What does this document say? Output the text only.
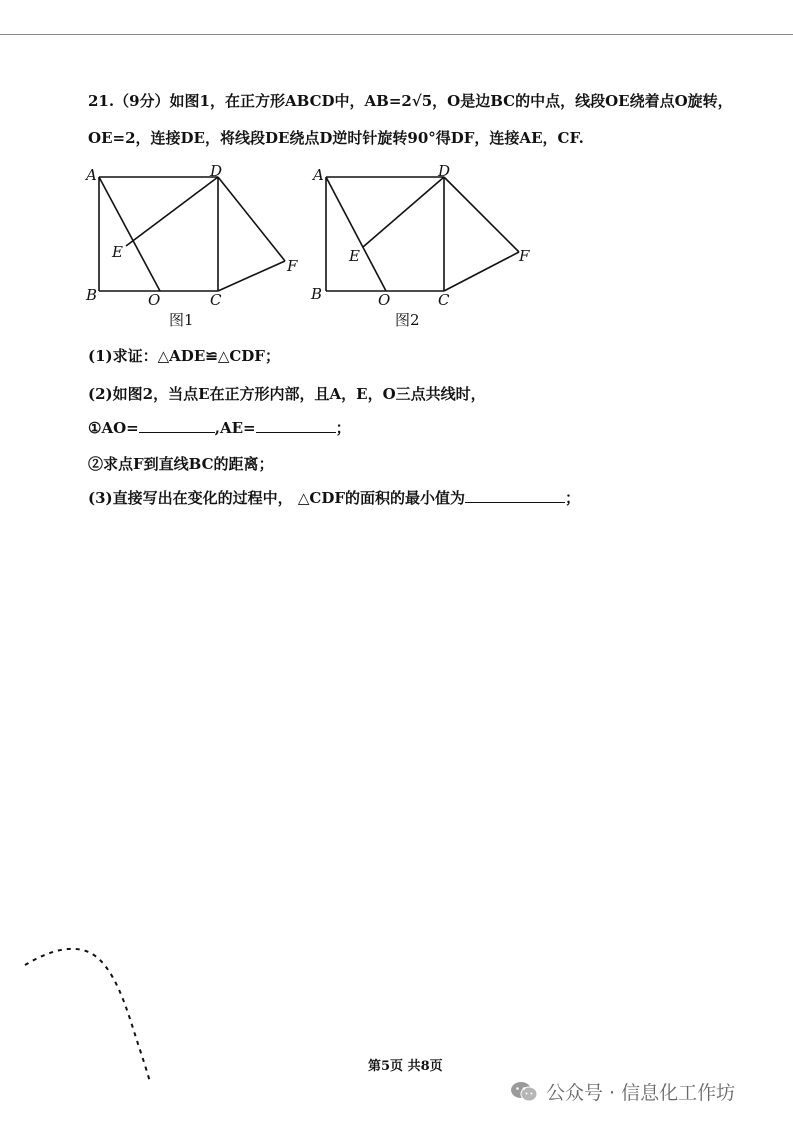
21.（9分）如图1，在正方形ABCD中，AB=2√5，O是边BC的中点，线段OE绕着点O旋转，
OE=2，连接DE，将线段DE绕点D逆时针旋转90°得DF，连接AE，CF.
A	D
B	C
O
E
F
图1
A	D
B	C
O
E	F
图2
(1)求证：△ADE≌△CDF；
(2)如图2，当点E在正方形内部，且A，E，O三点共线时，
①AO=	,AE=	；
②求点F到直线BC的距离；
(3)直接写出在变化的过程中， △CDF的面积的最小值为	；
第5页 共8页
公众号 · 信息化工作坊
